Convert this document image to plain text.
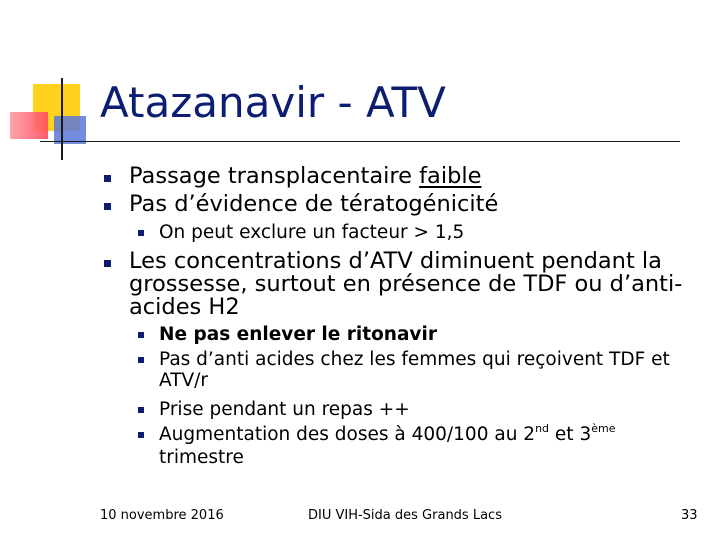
Atazanavir - ATV
Passage transplacentaire faible
Pas d’évidence de tératogénicité
On peut exclure un facteur > 1,5
Les concentrations d’ATV diminuent pendant la
grossesse, surtout en présence de TDF ou d’anti-
acides H2
Ne pas enlever le ritonavir
Pas d’anti acides chez les femmes qui reçoivent TDF et
ATV/r
Prise pendant un repas ++
Augmentation des doses à 400/100 au 2nd et 3ème
trimestre
10 novembre 2016	DIU VIH-Sida des Grands Lacs	33
